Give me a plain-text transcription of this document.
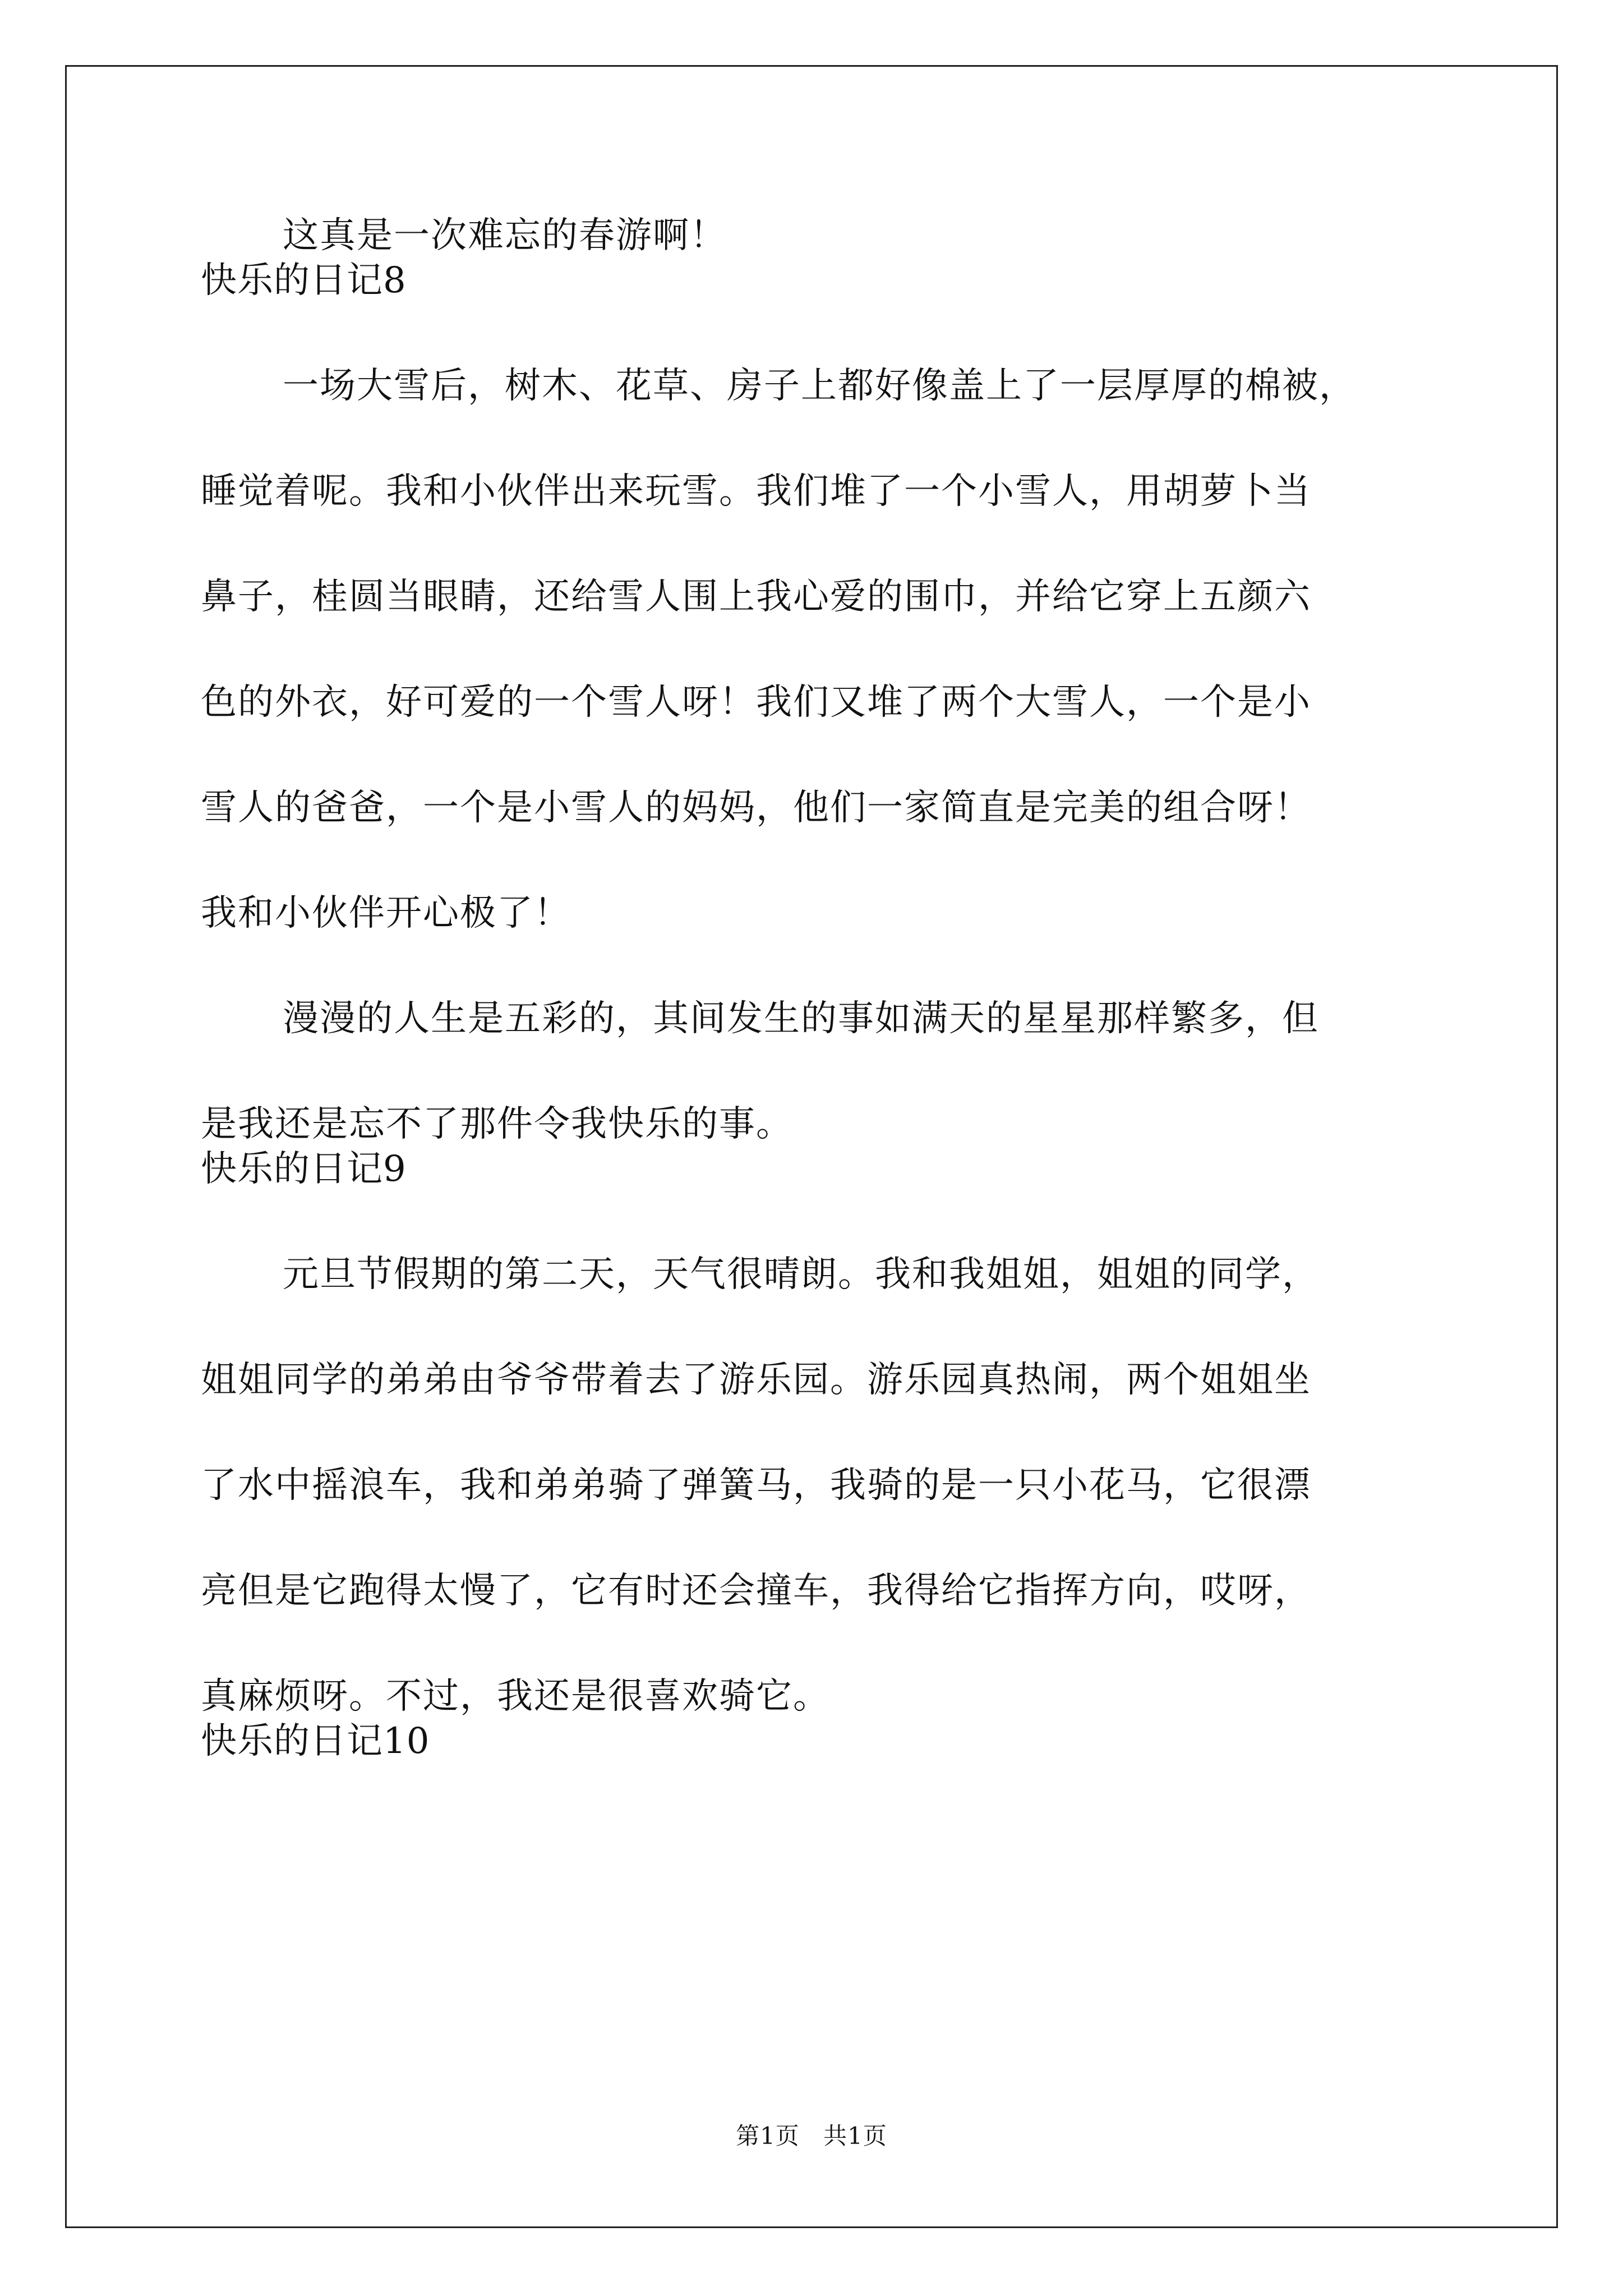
这真是一次难忘的春游啊！

快乐的日记8

一场大雪后，树木、花草、房子上都好像盖上了一层厚厚的棉被，

睡觉着呢。我和小伙伴出来玩雪。我们堆了一个小雪人，用胡萝卜当

鼻子，桂圆当眼睛，还给雪人围上我心爱的围巾，并给它穿上五颜六

色的外衣，好可爱的一个雪人呀！我们又堆了两个大雪人，一个是小

雪人的爸爸，一个是小雪人的妈妈，他们一家简直是完美的组合呀！

我和小伙伴开心极了！

漫漫的人生是五彩的，其间发生的事如满天的星星那样繁多，但

是我还是忘不了那件令我快乐的事。

快乐的日记9

元旦节假期的第二天，天气很晴朗。我和我姐姐，姐姐的同学，

姐姐同学的弟弟由爷爷带着去了游乐园。游乐园真热闹，两个姐姐坐

了水中摇浪车，我和弟弟骑了弹簧马，我骑的是一只小花马，它很漂

亮但是它跑得太慢了，它有时还会撞车，我得给它指挥方向，哎呀，

真麻烦呀。不过，我还是很喜欢骑它。

快乐的日记10

第1页 共1页
